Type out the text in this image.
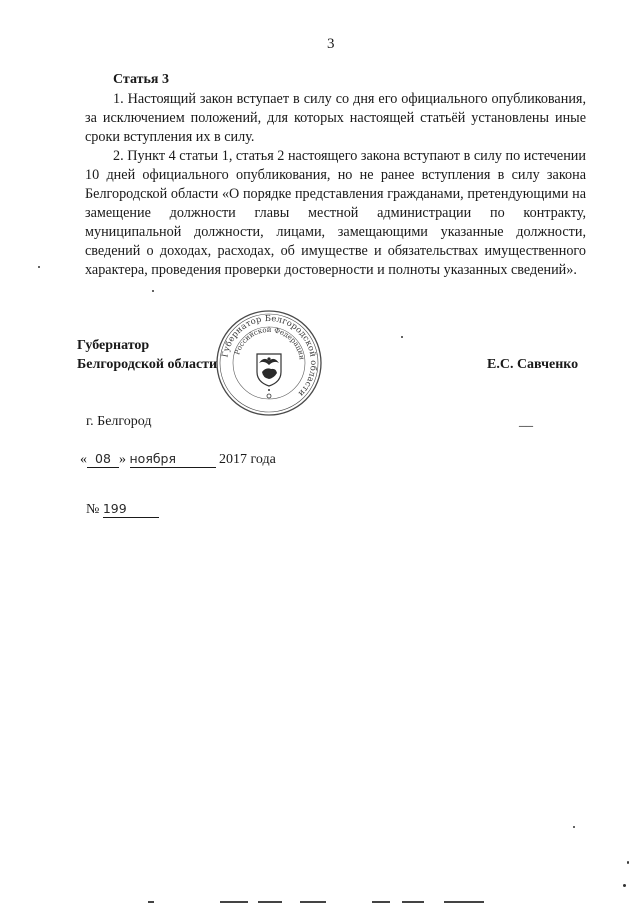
3
Статья 3

1. Настоящий закон вступает в силу со дня его официального опубликования, за исключением положений, для которых настоящей статьёй установлены иные сроки вступления их в силу.

2. Пункт 4 статьи 1, статья 2 настоящего закона вступают в силу по истечении 10 дней официального опубликования, но не ранее вступления в силу закона Белгородской области «О порядке представления гражданами, претендующими на замещение должности главы местной администрации по контракту, муниципальной должности, лицами, замещающими указанные должности, сведений о доходах, расходах, об имуществе и обязательствах имущественного характера, проведения проверки достоверности и полноты указанных сведений».

Губернатор Белгородской области
Российской Федерации
Губернатор
Белгородской области	Е.С. Савченко
г. Белгород	__
« 08 » ноября	2017 года
№ 199
